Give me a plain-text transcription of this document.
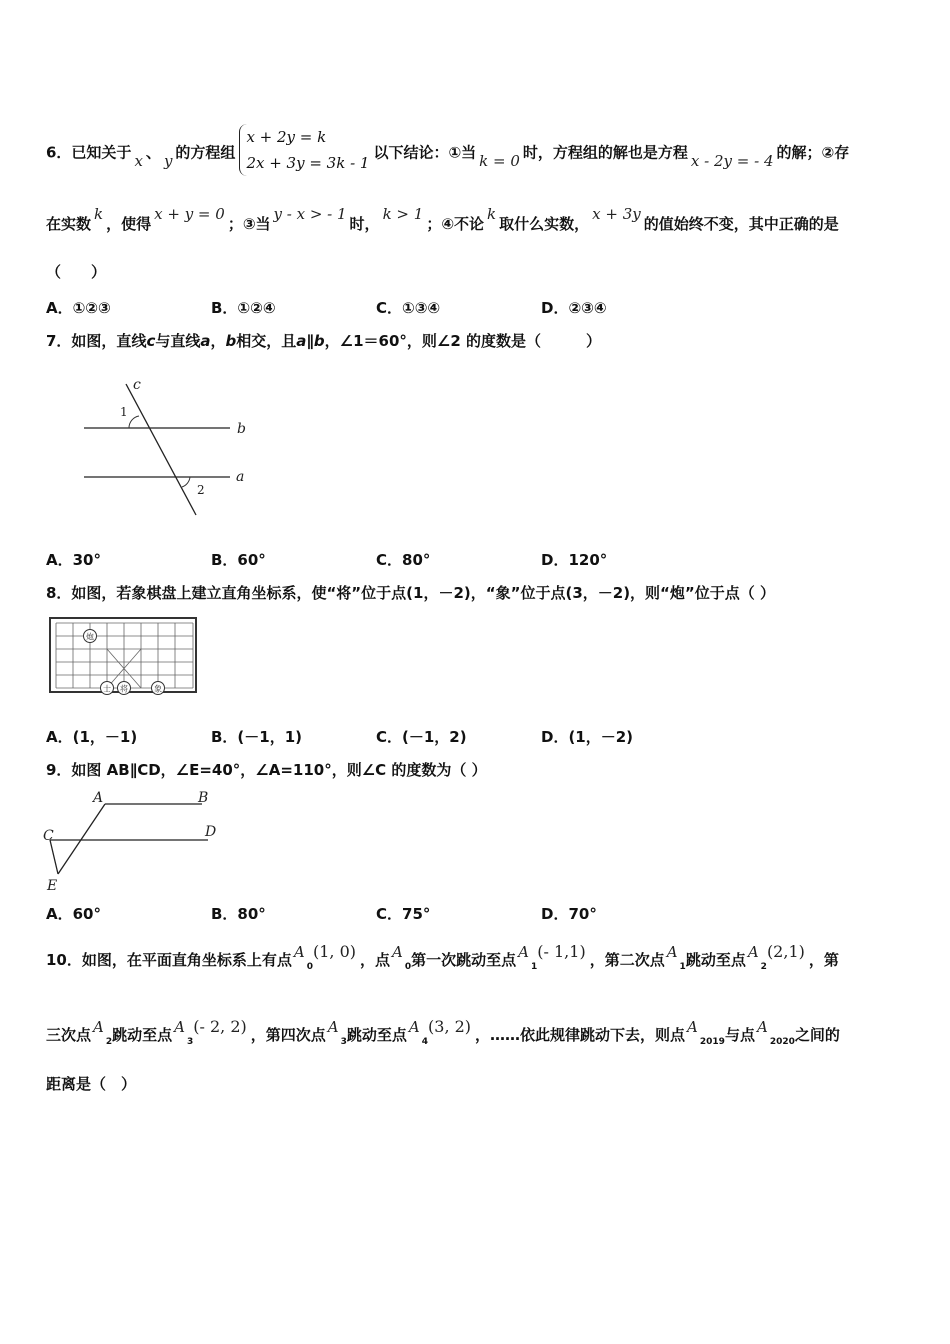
6．已知关于 x 、 y 的方程组
x + 2y = k
2x + 3y = 3k - 1
以下结论：①当 k = 0 时，方程组的解也是方程 x - 2y = - 4 的解；②存
在实数k，使得x + y = 0；③当y - x > - 1时，k > 1；④不论k取什么实数，x + 3y的值始终不变，其中正确的是
（　　）
A．①②③	B．①②④	C．①③④	D．②③④
7．如图，直线c与直线a，b相交，且a∥b，∠1＝60°，则∠2 的度数是（　　　）
c
1
b
a
2
A．30°	B．60°	C．80°	D．120°
8．如图，若象棋盘上建立直角坐标系，使“将”位于点(1，－2)，“象”位于点(3，－2)，则“炮”位于点（ ）
炮
士 将	象
A．(1，－1)	B．(－1，1)	C．(－1，2)	D．(1，－2)
9．如图 AB∥CD，∠E=40°，∠A=110°，则∠C 的度数为（ ）
A	B
C	D
E
A．60°	B．80°	C．75°	D．70°
10．如图，在平面直角坐标系上有点 $A_0(1$, 0) ，点 $A_0$第一次跳动至点 $A_1(-$ 1,1) ，第二次点 $A_1$跳动至点 $A_2(2,1)$ ，第
三次点 $A_2$跳动至点 $A_3(-$ 2, 2) ，第四次点 $A_3$跳动至点 $A_4(3$, 2) ，……依此规律跳动下去，则点 $A_{2019}$与点 $A_{2020}$之间的
距离是（　）
